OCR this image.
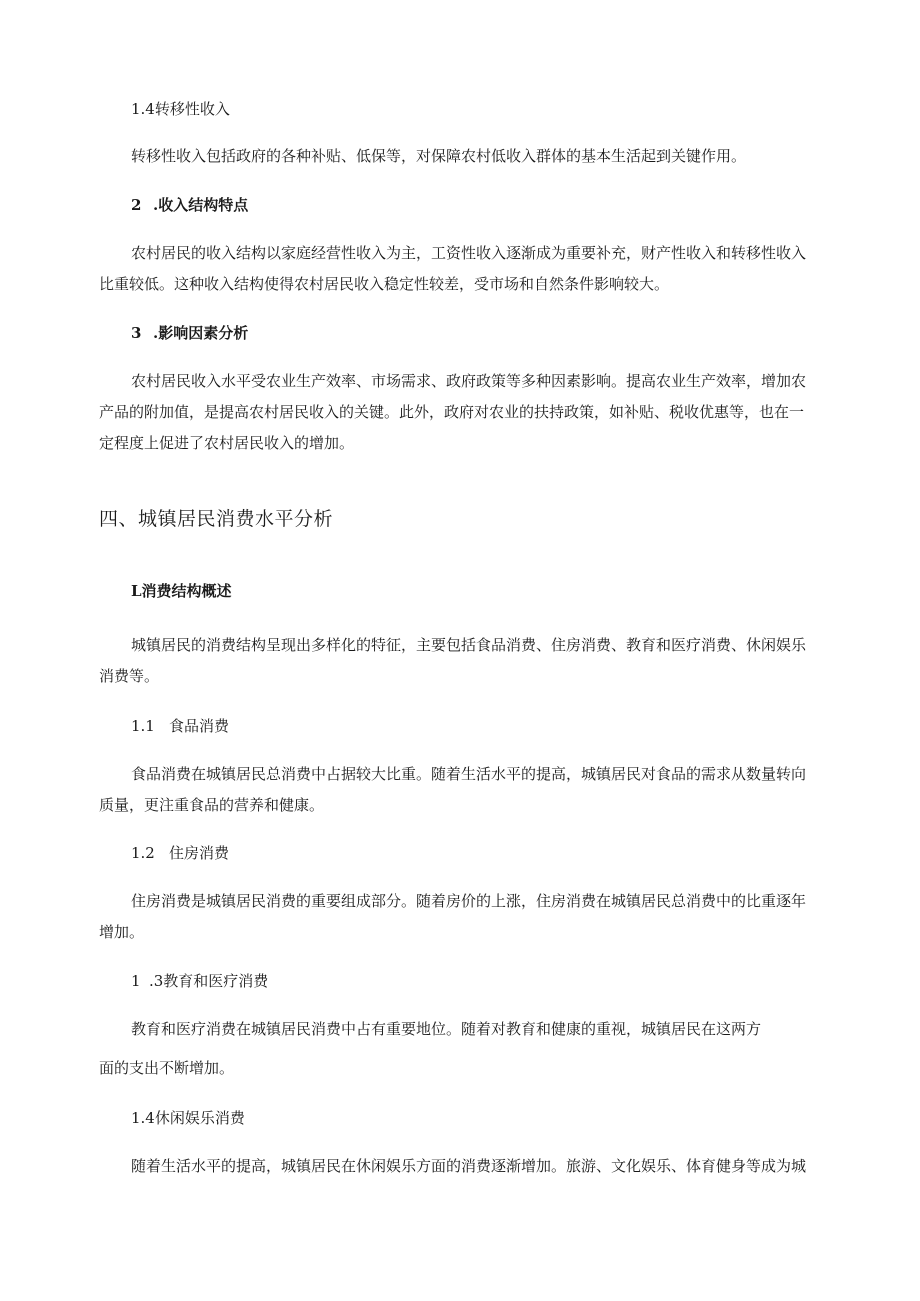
1.4转移性收入

转移性收入包括政府的各种补贴、低保等，对保障农村低收入群体的基本生活起到关键作用。

2 .收入结构特点

农村居民的收入结构以家庭经营性收入为主，工资性收入逐渐成为重要补充，财产性收入和转移性收入

比重较低。这种收入结构使得农村居民收入稳定性较差，受市场和自然条件影响较大。

3 .影响因素分析

农村居民收入水平受农业生产效率、市场需求、政府政策等多种因素影响。提高农业生产效率，增加农

产品的附加值，是提高农村居民收入的关键。此外，政府对农业的扶持政策，如补贴、税收优惠等，也在一

定程度上促进了农村居民收入的增加。

四、城镇居民消费水平分析

L消费结构概述

城镇居民的消费结构呈现出多样化的特征，主要包括食品消费、住房消费、教育和医疗消费、休闲娱乐

消费等。

1.1 食品消费

食品消费在城镇居民总消费中占据较大比重。随着生活水平的提高，城镇居民对食品的需求从数量转向

质量，更注重食品的营养和健康。

1.2 住房消费

住房消费是城镇居民消费的重要组成部分。随着房价的上涨，住房消费在城镇居民总消费中的比重逐年

增加。

1 .3教育和医疗消费

教育和医疗消费在城镇居民消费中占有重要地位。随着对教育和健康的重视，城镇居民在这两方

面的支出不断增加。

1.4休闲娱乐消费

随着生活水平的提高，城镇居民在休闲娱乐方面的消费逐渐增加。旅游、文化娱乐、体育健身等成为城
